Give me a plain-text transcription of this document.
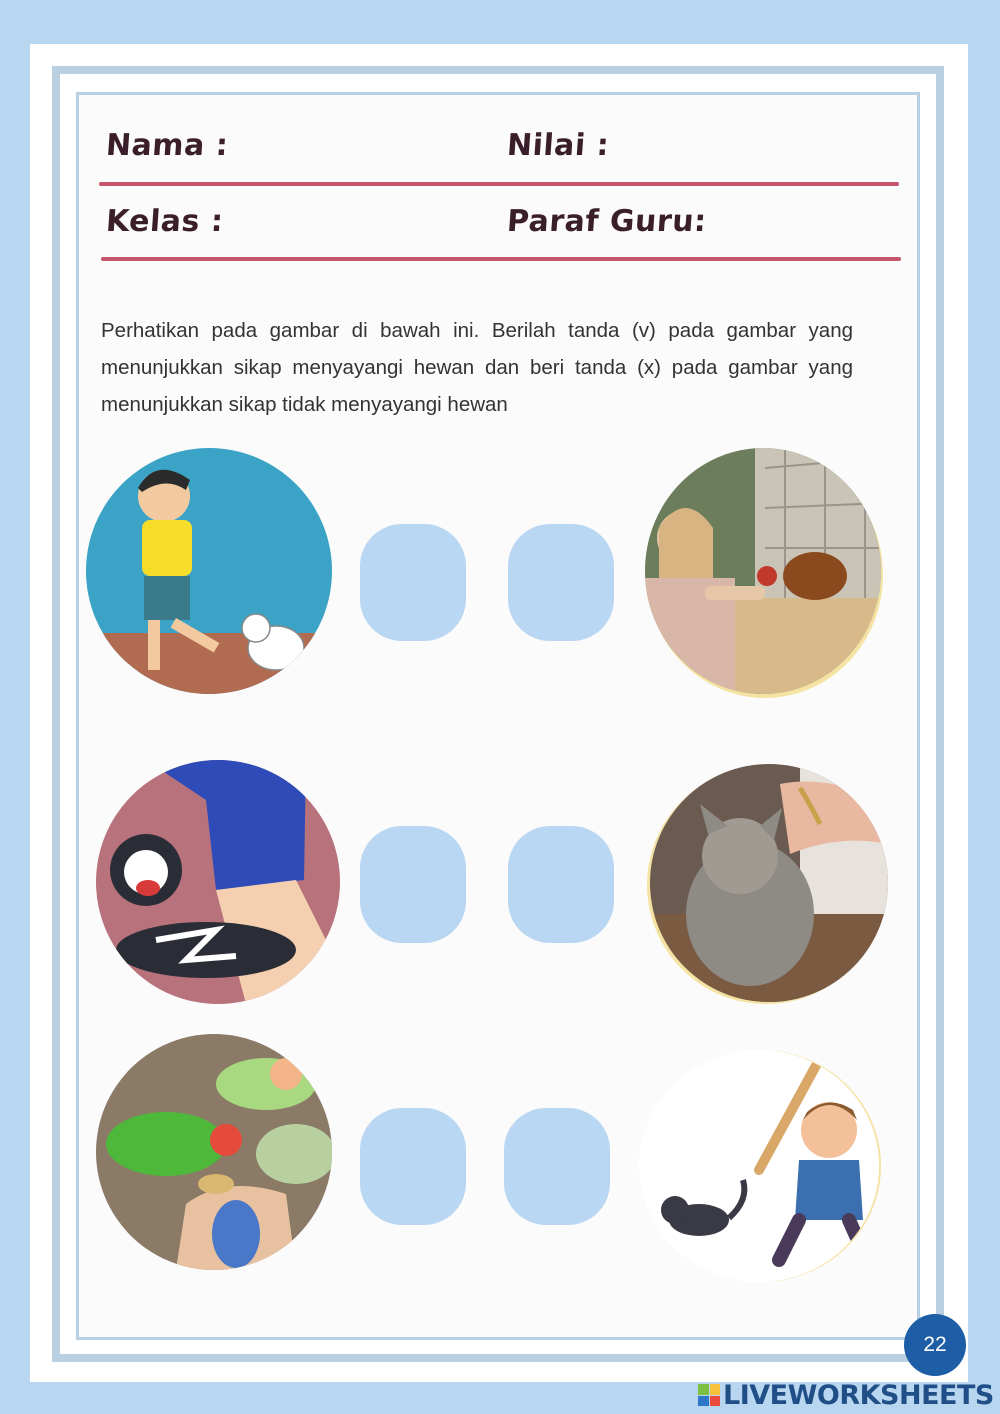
Nama :	Nilai :
Kelas :	Paraf Guru:
Perhatikan pada gambar di bawah ini. Berilah tanda (v) pada gambar yang menunjukkan sikap menyayangi hewan dan beri tanda (x) pada gambar yang menunjukkan sikap tidak menyayangi hewan
22
LIVEWORKSHEETS
